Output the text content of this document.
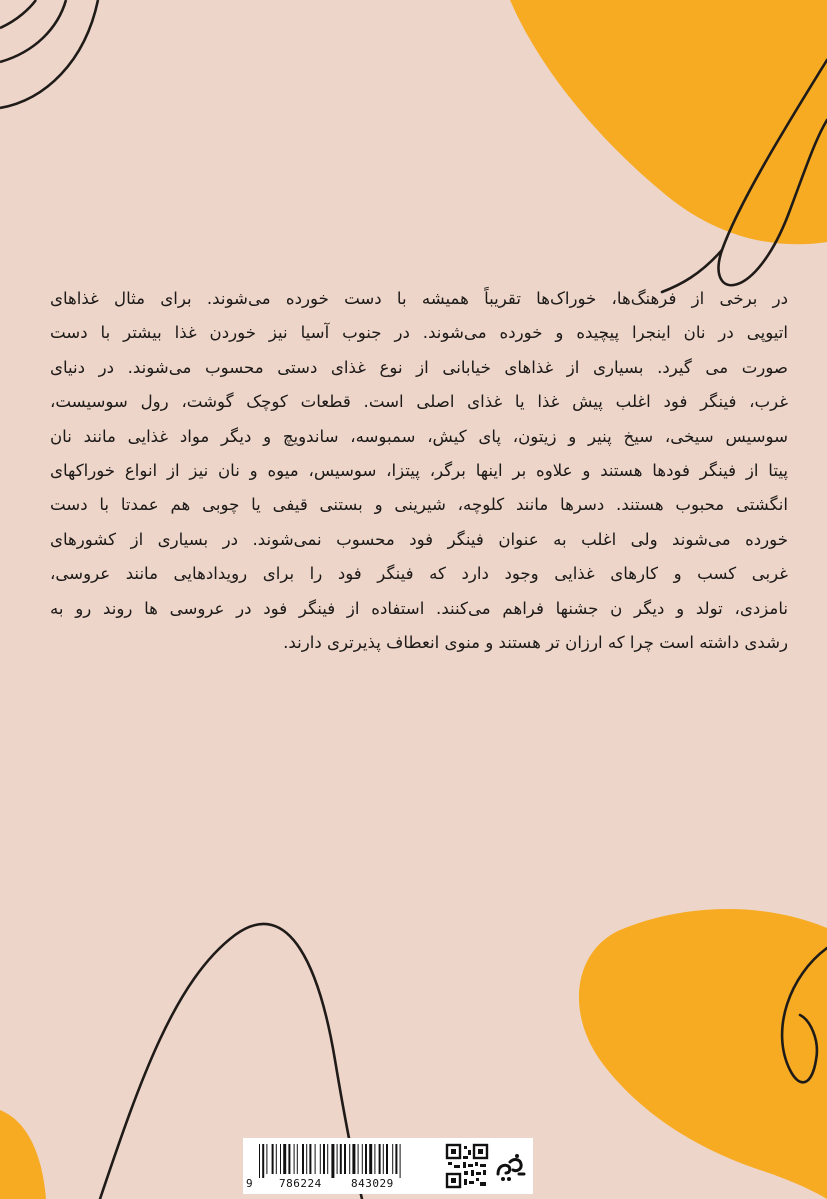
در برخی از فرهنگ‌ها، خوراک‌ها تقریباً همیشه با دست خورده می‌شوند. برای مثال غذاهای
اتیوپی در نان اینجرا پیچیده و خورده می‌شوند. در جنوب آسیا نیز خوردن غذا بیشتر با دست
صورت می گیرد. بسیاری از غذاهای خیابانی از نوع غذای دستی محسوب می‌شوند. در دنیای
غرب، فینگر فود اغلب پیش غذا یا غذای اصلی است. قطعات کوچک گوشت، رول سوسیست،
سوسیس سیخی، سیخ پنیر و زیتون، پای کیش، سمبوسه، ساندویچ و دیگر مواد غذایی مانند نان
پیتا از فینگر فودها هستند و علاوه بر اینها برگر، پیتزا، سوسیس، میوه و نان نیز از انواع خوراکهای
انگشتی محبوب هستند. دسرها مانند کلوچه، شیرینی و بستنی قیفی یا چوبی هم عمدتا با دست
خورده می‌شوند ولی اغلب به عنوان فینگر فود محسوب نمی‌شوند. در بسیاری از کشورهای
غربی کسب و کارهای غذایی وجود دارد که فینگر فود را برای رویدادهایی مانند عروسی،
نامزدی، تولد و دیگر ن جشنها فراهم می‌کنند. استفاده از فینگر فود در عروسی ها روند رو به
رشدی داشته است چرا که ارزان تر هستند و منوی انعطاف پذیرتری دارند.
9 786224	843029
